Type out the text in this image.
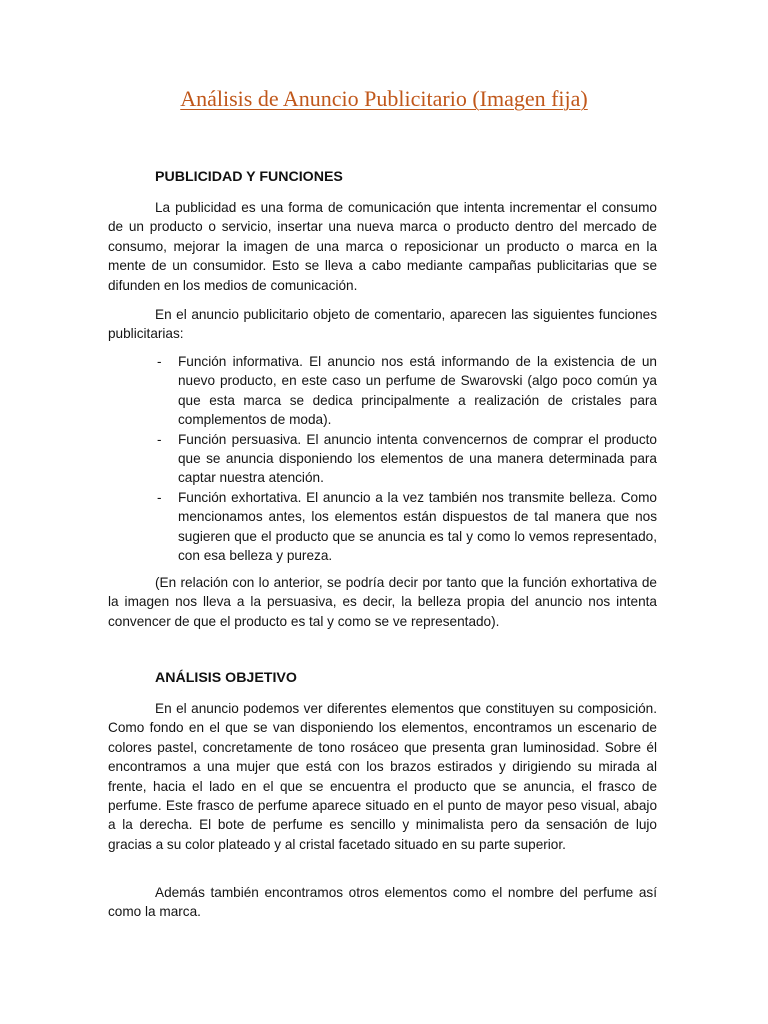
Análisis de Anuncio Publicitario (Imagen fija)
PUBLICIDAD Y FUNCIONES

La publicidad es una forma de comunicación que intenta incrementar el consumo de un producto o servicio, insertar una nueva marca o producto dentro del mercado de consumo, mejorar la imagen de una marca o reposicionar un producto o marca en la mente de un consumidor. Esto se lleva a cabo mediante campañas publicitarias que se difunden en los medios de comunicación.

En el anuncio publicitario objeto de comentario, aparecen las siguientes funciones publicitarias:

- Función informativa. El anuncio nos está informando de la existencia de un nuevo producto, en este caso un perfume de Swarovski (algo poco común ya que esta marca se dedica principalmente a realización de cristales para complementos de moda).
- Función persuasiva. El anuncio intenta convencernos de comprar el producto que se anuncia disponiendo los elementos de una manera determinada para captar nuestra atención.
- Función exhortativa. El anuncio a la vez también nos transmite belleza. Como mencionamos antes, los elementos están dispuestos de tal manera que nos sugieren que el producto que se anuncia es tal y como lo vemos representado, con esa belleza y pureza.

(En relación con lo anterior, se podría decir por tanto que la función exhortativa de la imagen nos lleva a la persuasiva, es decir, la belleza propia del anuncio nos intenta convencer de que el producto es tal y como se ve representado).

ANÁLISIS OBJETIVO

En el anuncio podemos ver diferentes elementos que constituyen su composición. Como fondo en el que se van disponiendo los elementos, encontramos un escenario de colores pastel, concretamente de tono rosáceo que presenta gran luminosidad. Sobre él encontramos a una mujer que está con los brazos estirados y dirigiendo su mirada al frente, hacia el lado en el que se encuentra el producto que se anuncia, el frasco de perfume. Este frasco de perfume aparece situado en el punto de mayor peso visual, abajo a la derecha. El bote de perfume es sencillo y minimalista pero da sensación de lujo gracias a su color plateado y al cristal facetado situado en su parte superior.

Además también encontramos otros elementos como el nombre del perfume así como la marca.
